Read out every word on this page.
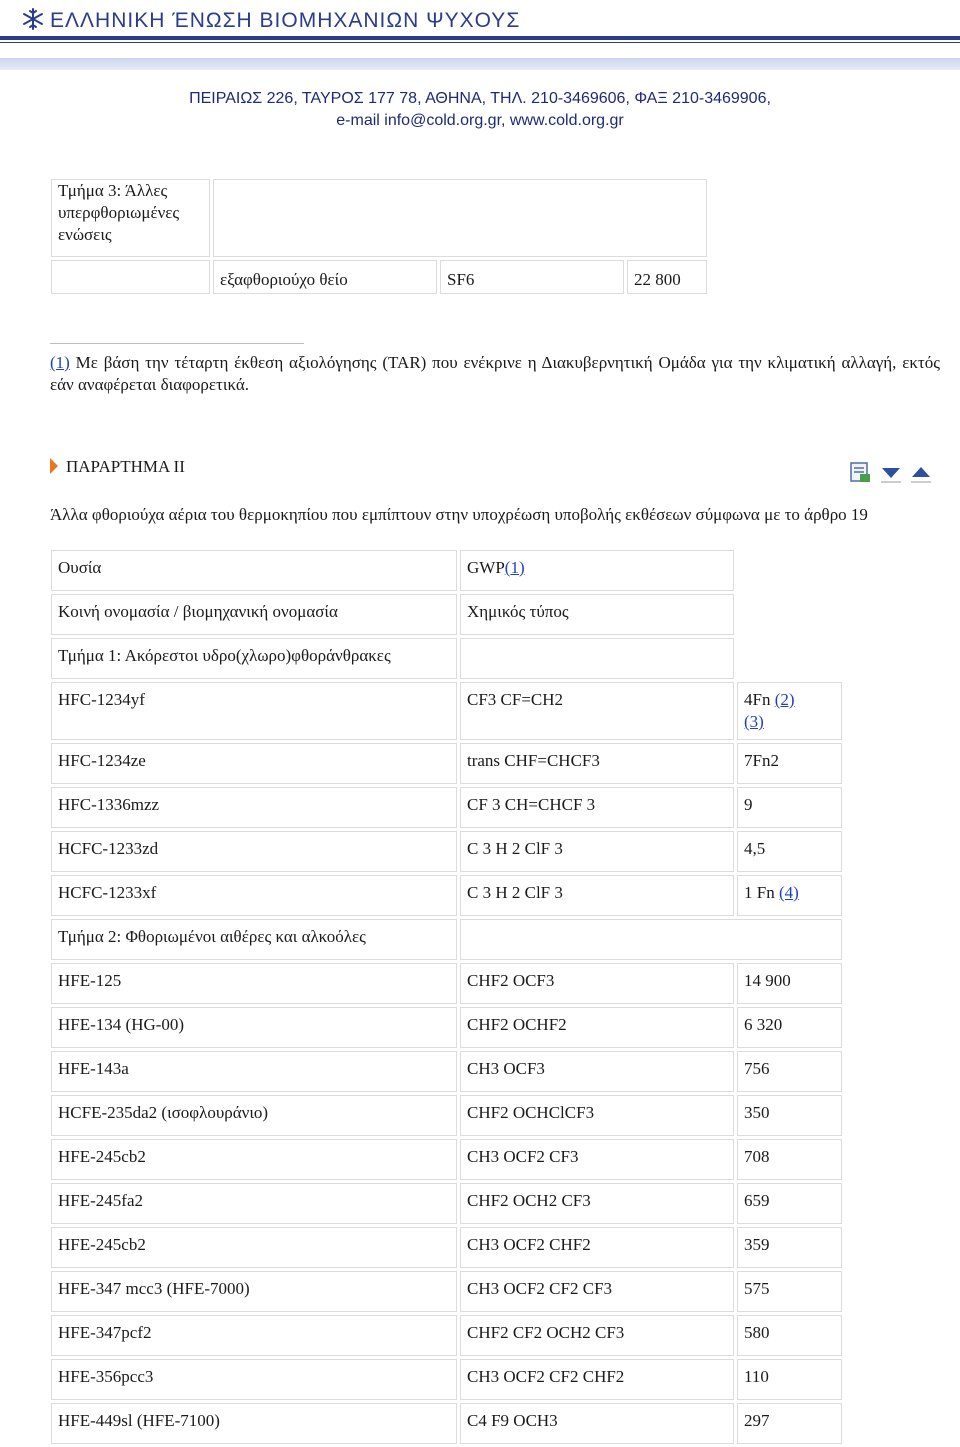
ΕΛΛΗΝΙΚΗ ΈΝΩΣΗ ΒΙΟΜΗΧΑΝΙΩΝ ΨΥΧΟΥΣ
ΠΕΙΡΑΙΩΣ 226, ΤΑΥΡΟΣ 177 78, ΑΘΗΝΑ, ΤΗΛ. 210-3469606, ΦΑΞ 210-3469906,
e-mail info@cold.org.gr, www.cold.org.gr
Τμήμα 3: Άλλες υπερφθοριωμένες ενώσεις			
	εξαφθοριούχο θείο	SF6	22 800
(1) Με βάση την τέταρτη έκθεση αξιολόγησης (TAR) που ενέκρινε η Διακυβερνητική Ομάδα για την κλιματική αλλαγή, εκτός εάν αναφέρεται διαφορετικά.
ΠΑΡΑΡΤΗΜΑ ΙΙ
Άλλα φθοριούχα αέρια του θερμοκηπίου που εμπίπτουν στην υποχρέωση υποβολής εκθέσεων σύμφωνα με το άρθρο 19
Ουσία	GWP(1)	
Κοινή ονομασία / βιομηχανική ονομασία	Χημικός τύπος	
Τμήμα 1: Ακόρεστοι υδρο(χλωρο)φθοράνθρακες		
HFC-1234yf	CF3 CF=CH2	4Fn (2)
(3)
HFC-1234ze	trans CHF=CHCF3	7Fn2
HFC-1336mzz	CF 3 CH=CHCF 3	9
HCFC-1233zd	C 3 H 2 ClF 3	4,5
HCFC-1233xf	C 3 H 2 ClF 3	1 Fn (4)
Τμήμα 2: Φθοριωμένοι αιθέρες και αλκοόλες		
HFE-125	CHF2 OCF3	14 900
HFE-134 (HG-00)	CHF2 OCHF2	6 320
HFE-143a	CH3 OCF3	756
HCFE-235da2 (ισοφλουράνιο)	CHF2 OCHClCF3	350
HFE-245cb2	CH3 OCF2 CF3	708
HFE-245fa2	CHF2 OCH2 CF3	659
HFE-245cb2	CH3 OCF2 CHF2	359
HFE-347 mcc3 (HFE-7000)	CH3 OCF2 CF2 CF3	575
HFE-347pcf2	CHF2 CF2 OCH2 CF3	580
HFE-356pcc3	CH3 OCF2 CF2 CHF2	110
HFE-449sl (HFE-7100)	C4 F9 OCH3	297
